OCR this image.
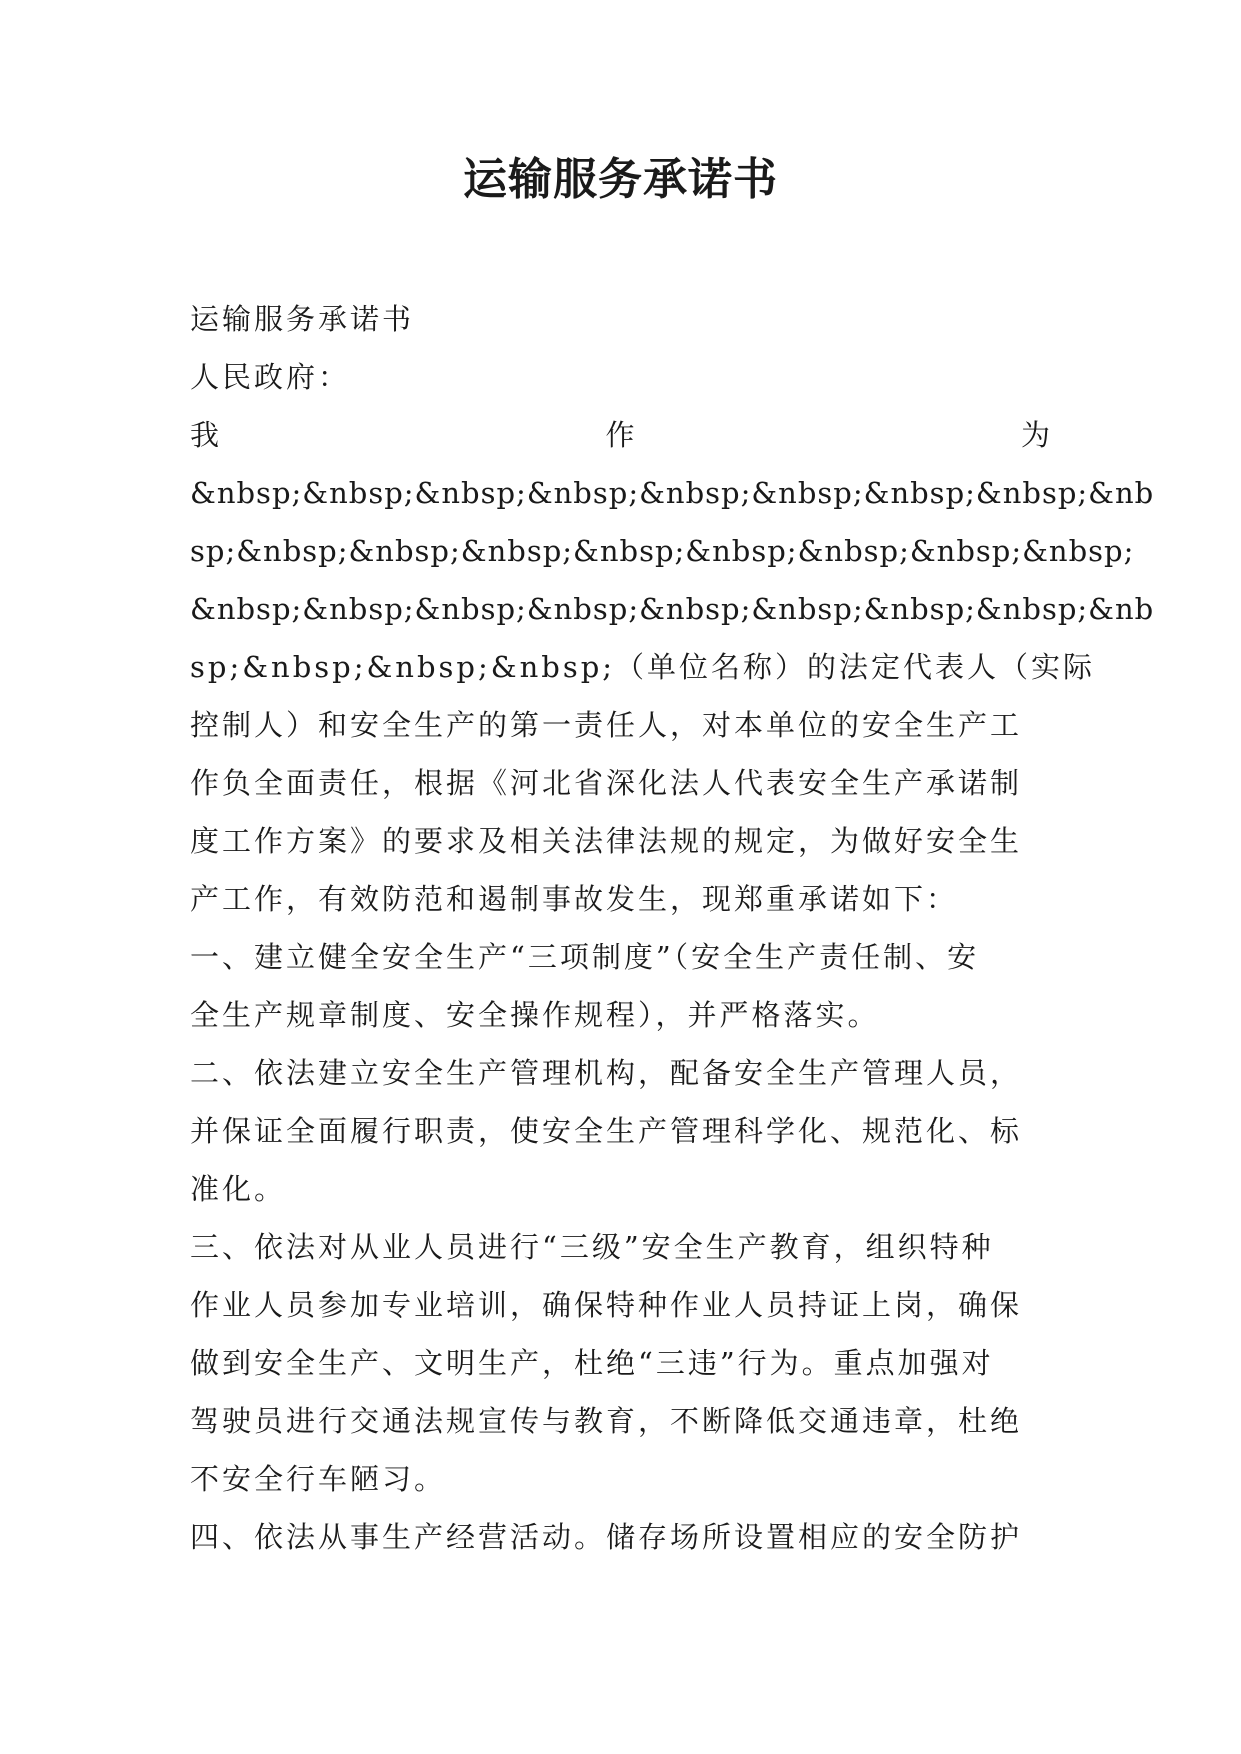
运输服务承诺书
运输服务承诺书
人民政府：
我	作	为
&nbsp;&nbsp;&nbsp;&nbsp;&nbsp;&nbsp;&nbsp;&nbsp;&nb
sp;&nbsp;&nbsp;&nbsp;&nbsp;&nbsp;&nbsp;&nbsp;&nbsp;
&nbsp;&nbsp;&nbsp;&nbsp;&nbsp;&nbsp;&nbsp;&nbsp;&nb
sp;&nbsp;&nbsp;&nbsp;（单位名称）的法定代表人（实际
控制人）和安全生产的第一责任人，对本单位的安全生产工
作负全面责任，根据《河北省深化法人代表安全生产承诺制
度工作方案》的要求及相关法律法规的规定，为做好安全生
产工作，有效防范和遏制事故发生，现郑重承诺如下：
一、建立健全安全生产“三项制度”（安全生产责任制、安
全生产规章制度、安全操作规程），并严格落实。
二、依法建立安全生产管理机构，配备安全生产管理人员，
并保证全面履行职责，使安全生产管理科学化、规范化、标
准化。
三、依法对从业人员进行“三级”安全生产教育，组织特种
作业人员参加专业培训，确保特种作业人员持证上岗，确保
做到安全生产、文明生产，杜绝“三违”行为。重点加强对
驾驶员进行交通法规宣传与教育，不断降低交通违章，杜绝
不安全行车陋习。
四、依法从事生产经营活动。储存场所设置相应的安全防护
